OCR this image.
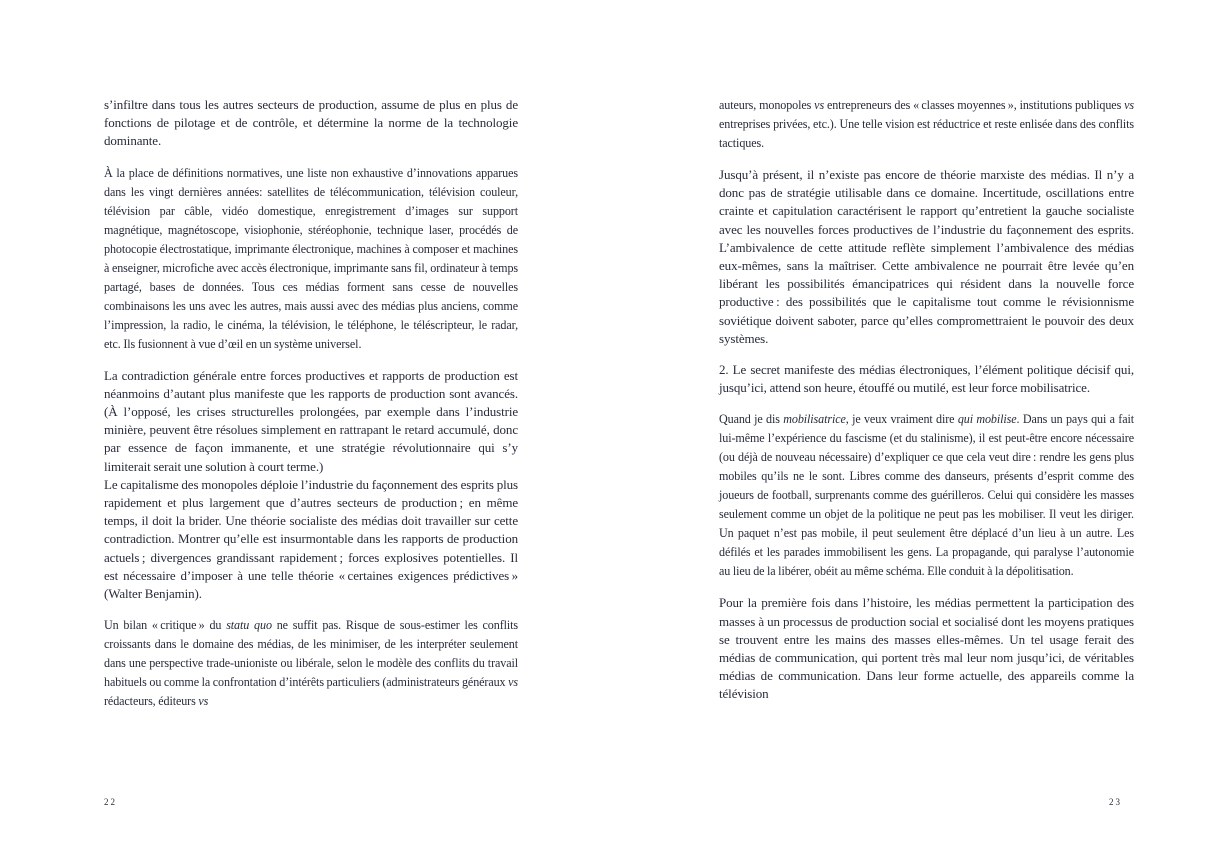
s’infiltre dans tous les autres secteurs de production, assume de plus en plus de fonctions de pilotage et de contrôle, et détermine la norme de la technologie dominante.

À la place de définitions normatives, une liste non exhaustive d’innovations apparues dans les vingt dernières années: satellites de télécommunication, télévision couleur, télévision par câble, vidéo domestique, enregistrement d’images sur support magnétique, magnétoscope, visiophonie, stéréophonie, technique laser, procédés de photocopie électrostatique, imprimante électronique, machines à composer et machines à enseigner, microfiche avec accès électronique, imprimante sans fil, ordinateur à temps partagé, bases de données. Tous ces médias forment sans cesse de nouvelles combinaisons les uns avec les autres, mais aussi avec des médias plus anciens, comme l’impression, la radio, le cinéma, la télévision, le téléphone, le téléscripteur, le radar, etc. Ils fusionnent à vue d’œil en un système universel.

La contradiction générale entre forces productives et rapports de production est néanmoins d’autant plus manifeste que les rapports de production sont avancés. (À l’opposé, les crises structurelles prolongées, par exemple dans l’industrie minière, peuvent être résolues simplement en rattrapant le retard accumulé, donc par essence de façon immanente, et une stratégie révolutionnaire qui s’y limiterait serait une solution à court terme.)

Le capitalisme des monopoles déploie l’industrie du façonnement des esprits plus rapidement et plus largement que d’autres secteurs de production ; en même temps, il doit la brider. Une théorie socialiste des médias doit travailler sur cette contradiction. Montrer qu’elle est insurmontable dans les rapports de production actuels ; divergences grandissant rapidement ; forces explosives potentielles. Il est nécessaire d’imposer à une telle théorie « certaines exigences prédictives » (Walter Benjamin).

Un bilan « critique » du statu quo ne suffit pas. Risque de sous-estimer les conflits croissants dans le domaine des médias, de les minimiser, de les interpréter seulement dans une perspective trade-unioniste ou libérale, selon le modèle des conflits du travail habituels ou comme la confrontation d’intérêts particuliers (administrateurs généraux vs rédacteurs, éditeurs vs

22

auteurs, monopoles vs entrepreneurs des « classes moyennes », institutions publiques vs entreprises privées, etc.). Une telle vision est réductrice et reste enlisée dans des conflits tactiques.

Jusqu’à présent, il n’existe pas encore de théorie marxiste des médias. Il n’y a donc pas de stratégie utilisable dans ce domaine. Incertitude, oscillations entre crainte et capitulation caractérisent le rapport qu’entretient la gauche socialiste avec les nouvelles forces productives de l’industrie du façonnement des esprits. L’ambivalence de cette attitude reflète simplement l’ambivalence des médias eux-mêmes, sans la maîtriser. Cette ambivalence ne pourrait être levée qu’en libérant les possibilités émancipatrices qui résident dans la nouvelle force productive : des possibilités que le capitalisme tout comme le révisionnisme soviétique doivent saboter, parce qu’elles compromettraient le pouvoir des deux systèmes.

2. Le secret manifeste des médias électroniques, l’élément politique décisif qui, jusqu’ici, attend son heure, étouffé ou mutilé, est leur force mobilisatrice.

Quand je dis mobilisatrice, je veux vraiment dire qui mobilise. Dans un pays qui a fait lui-même l’expérience du fascisme (et du stalinisme), il est peut-être encore nécessaire (ou déjà de nouveau nécessaire) d’expliquer ce que cela veut dire : rendre les gens plus mobiles qu’ils ne le sont. Libres comme des danseurs, présents d’esprit comme des joueurs de football, surprenants comme des guérilleros. Celui qui considère les masses seulement comme un objet de la politique ne peut pas les mobiliser. Il veut les diriger. Un paquet n’est pas mobile, il peut seulement être déplacé d’un lieu à un autre. Les défilés et les parades immobilisent les gens. La propagande, qui paralyse l’autonomie au lieu de la libérer, obéit au même schéma. Elle conduit à la dépolitisation.

Pour la première fois dans l’histoire, les médias permettent la participation des masses à un processus de production social et socialisé dont les moyens pratiques se trouvent entre les mains des masses elles-mêmes. Un tel usage ferait des médias de communication, qui portent très mal leur nom jusqu’ici, de véritables médias de communication. Dans leur forme actuelle, des appareils comme la télévision

23
